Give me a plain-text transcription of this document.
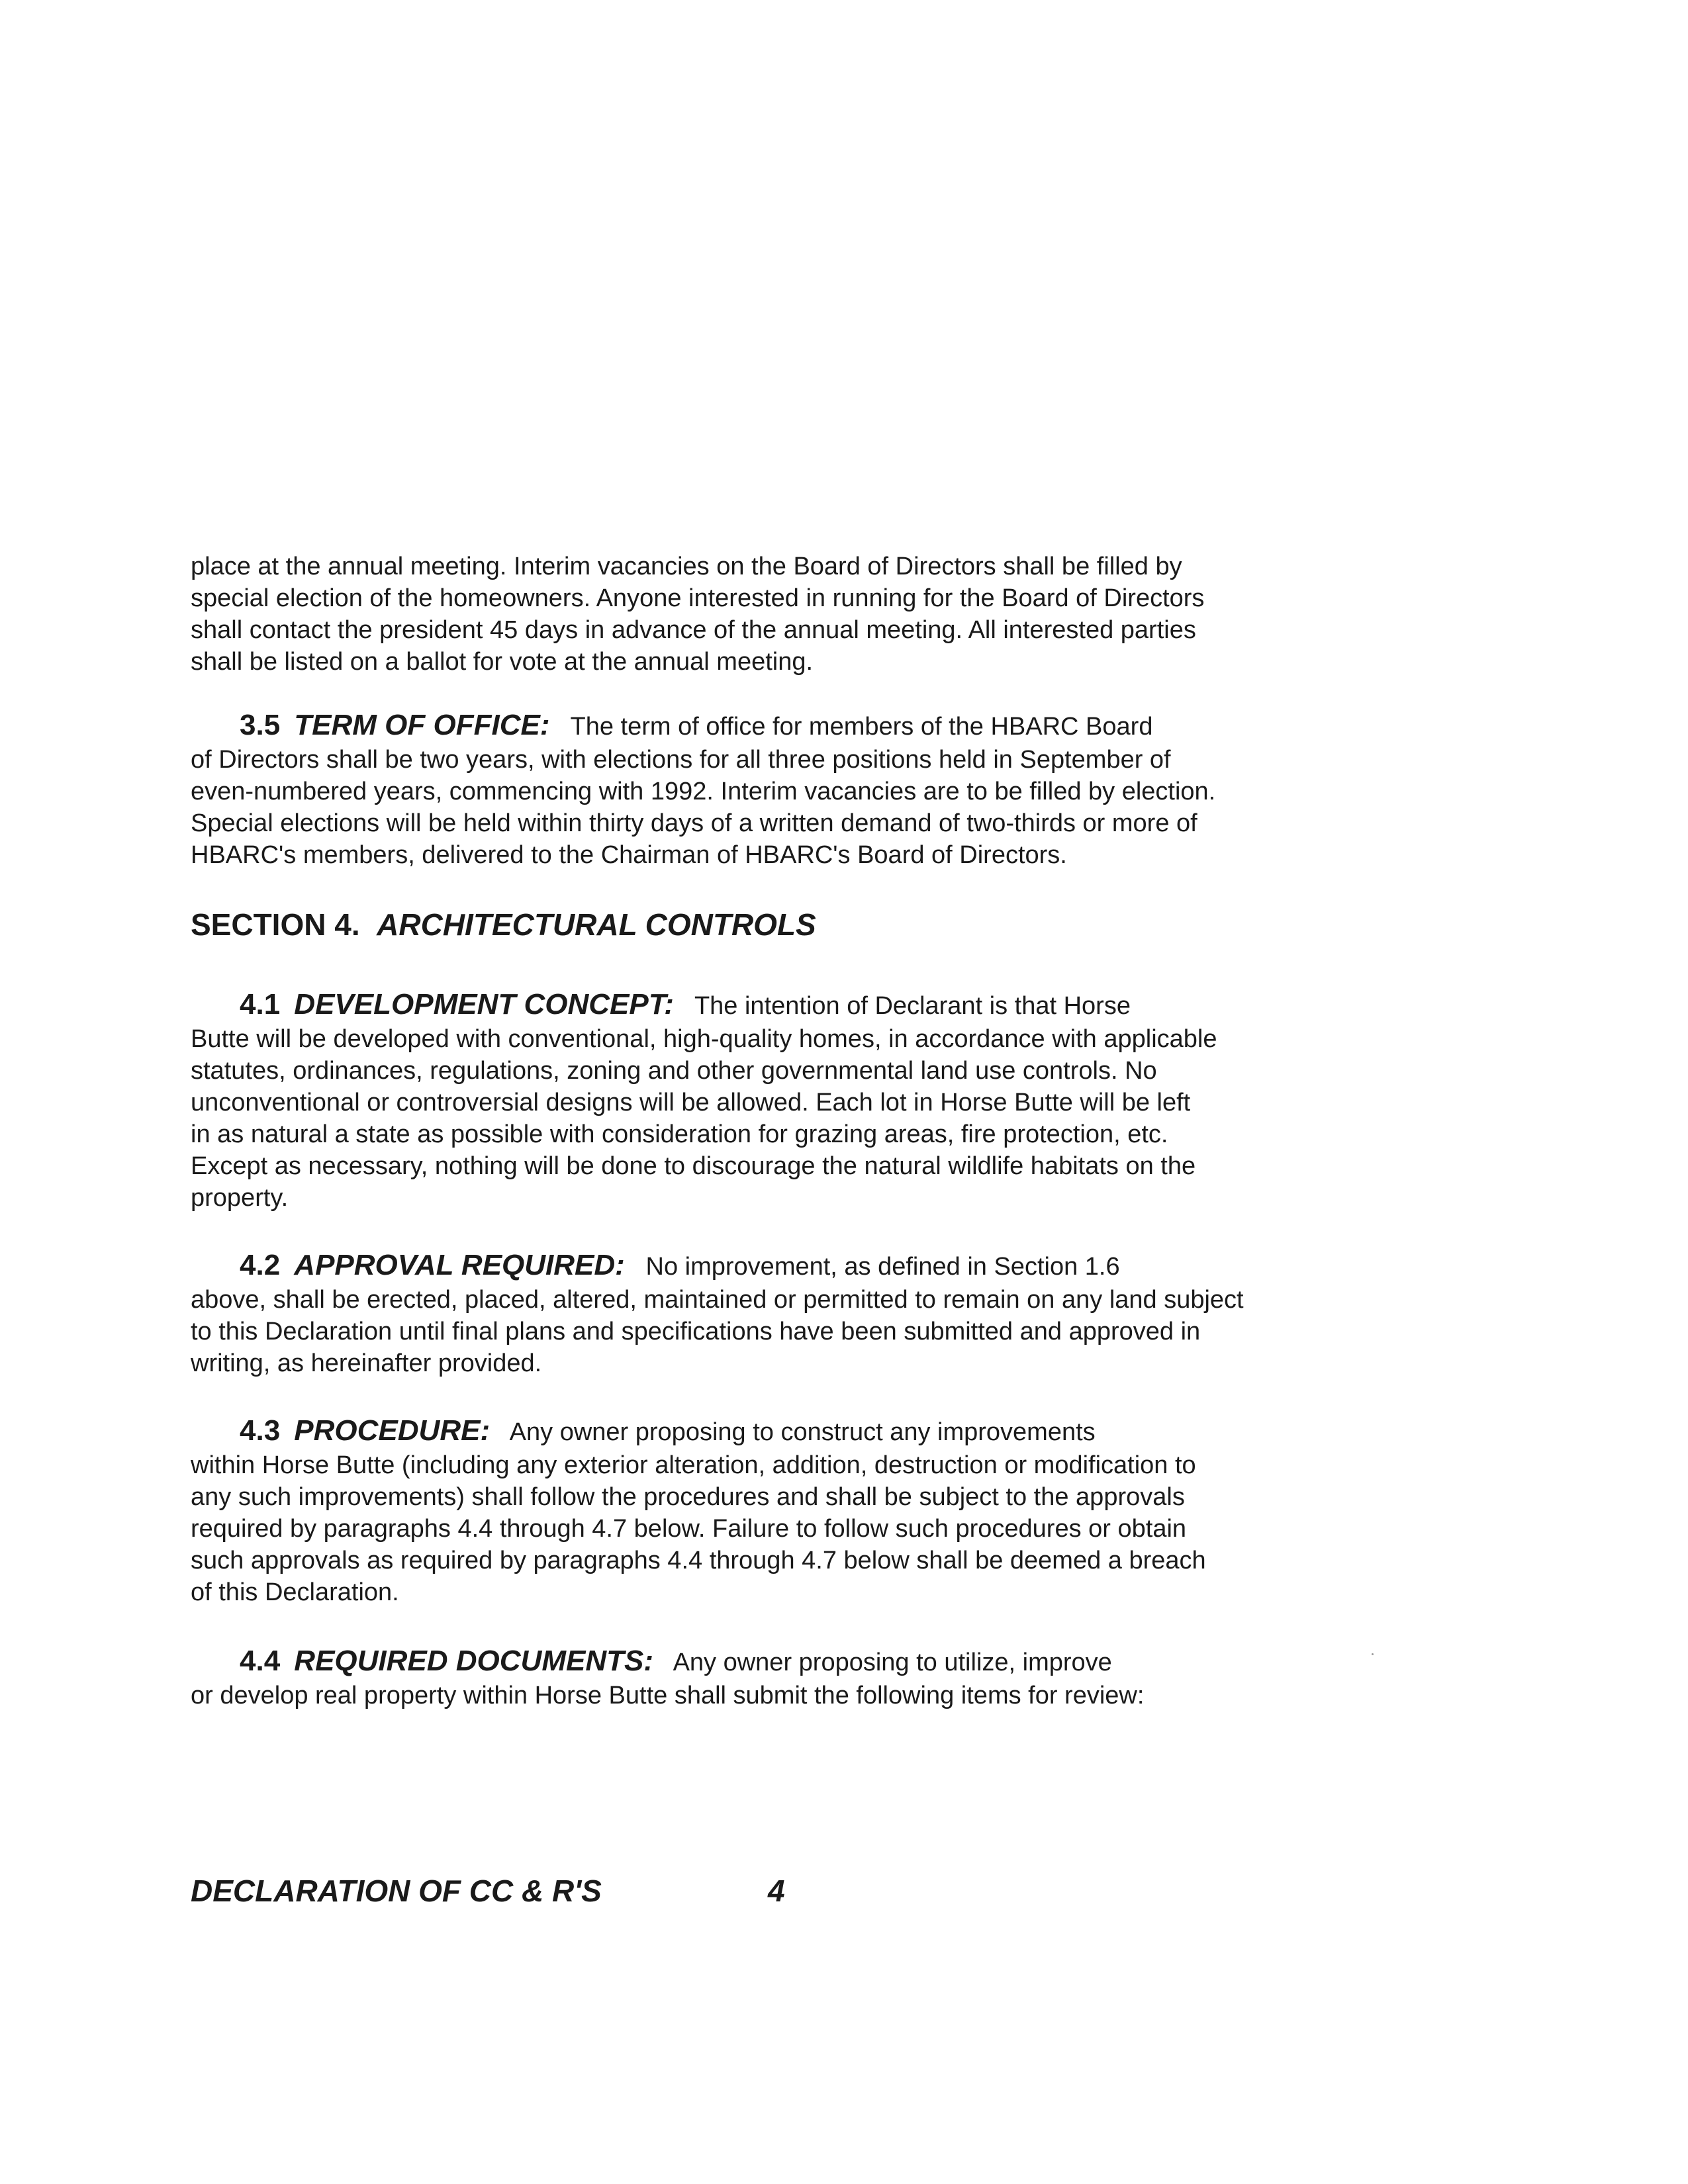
place at the annual meeting. Interim vacancies on the Board of Directors shall be filled by
special election of the homeowners. Anyone interested in running for the Board of Directors
shall contact the president 45 days in advance of the annual meeting. All interested parties
shall be listed on a ballot for vote at the annual meeting.
3.5 TERM OF OFFICE: The term of office for members of the HBARC Board
of Directors shall be two years, with elections for all three positions held in September of
even-numbered years, commencing with 1992. Interim vacancies are to be filled by election.
Special elections will be held within thirty days of a written demand of two-thirds or more of
HBARC's members, delivered to the Chairman of HBARC's Board of Directors.
SECTION 4. ARCHITECTURAL CONTROLS
4.1 DEVELOPMENT CONCEPT: The intention of Declarant is that Horse
Butte will be developed with conventional, high-quality homes, in accordance with applicable
statutes, ordinances, regulations, zoning and other governmental land use controls. No
unconventional or controversial designs will be allowed. Each lot in Horse Butte will be left
in as natural a state as possible with consideration for grazing areas, fire protection, etc.
Except as necessary, nothing will be done to discourage the natural wildlife habitats on the
property.
4.2 APPROVAL REQUIRED: No improvement, as defined in Section 1.6
above, shall be erected, placed, altered, maintained or permitted to remain on any land subject
to this Declaration until final plans and specifications have been submitted and approved in
writing, as hereinafter provided.
4.3 PROCEDURE: Any owner proposing to construct any improvements
within Horse Butte (including any exterior alteration, addition, destruction or modification to
any such improvements) shall follow the procedures and shall be subject to the approvals
required by paragraphs 4.4 through 4.7 below. Failure to follow such procedures or obtain
such approvals as required by paragraphs 4.4 through 4.7 below shall be deemed a breach
of this Declaration.
4.4 REQUIRED DOCUMENTS: Any owner proposing to utilize, improve
or develop real property within Horse Butte shall submit the following items for review:
DECLARATION OF CC & R'S	4
